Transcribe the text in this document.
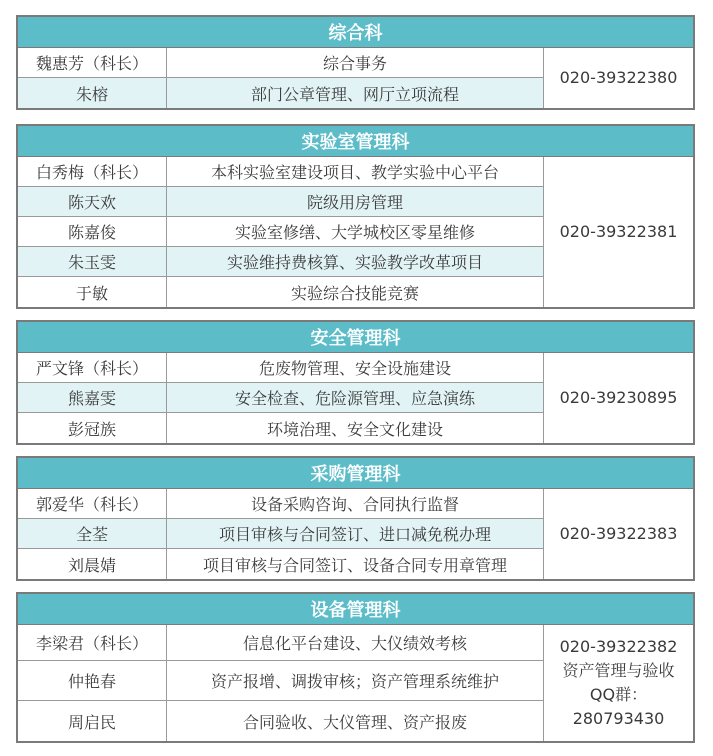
综合科
魏惠芳（科长）	综合事务
朱榕	部门公章管理、网厅立项流程
020-39322380
实验室管理科
白秀梅（科长）	本科实验室建设项目、教学实验中心平台
陈天欢	院级用房管理
陈嘉俊	实验室修缮、大学城校区零星维修
朱玉雯	实验维持费核算、实验教学改革项目
于敏	实验综合技能竞赛
020-39322381
安全管理科
严文锋（科长）	危废物管理、安全设施建设
熊嘉雯	安全检查、危险源管理、应急演练
彭冠族	环境治理、安全文化建设
020-39230895
采购管理科
郭爱华（科长）	设备采购咨询、合同执行监督
全荃	项目审核与合同签订、进口减免税办理
刘晨婧	项目审核与合同签订、设备合同专用章管理
020-39322383
设备管理科
李梁君（科长）	信息化平台建设、大仪绩效考核
仲艳春	资产报增、调拨审核；资产管理系统维护
周启民	合同验收、大仪管理、资产报废
020-39322382
资产管理与验收
QQ群：
280793430
